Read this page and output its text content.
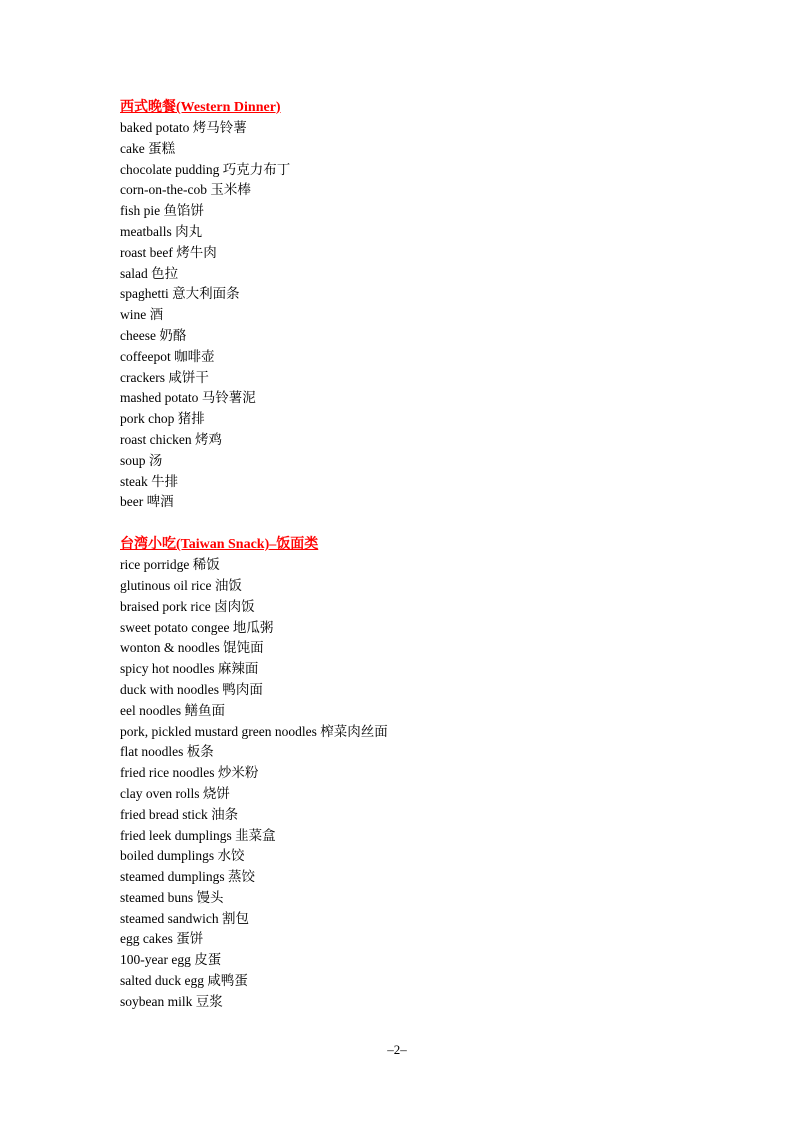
西式晚餐(Western Dinner)
baked potato 烤马铃薯
cake 蛋糕
chocolate pudding 巧克力布丁
corn-on-the-cob 玉米棒
fish pie 鱼馅饼
meatballs 肉丸
roast beef 烤牛肉
salad 色拉
spaghetti 意大利面条
wine 酒
cheese 奶酪
coffeepot 咖啡壶
crackers 咸饼干
mashed potato 马铃薯泥
pork chop 猪排
roast chicken 烤鸡
soup 汤
steak 牛排
beer 啤酒
台湾小吃(Taiwan Snack)–饭面类
rice porridge 稀饭
glutinous oil rice 油饭
braised pork rice 卤肉饭
sweet potato congee 地瓜粥
wonton & noodles 馄饨面
spicy hot noodles 麻辣面
duck with noodles 鸭肉面
eel noodles 鳝鱼面
pork, pickled mustard green noodles 榨菜肉丝面
flat noodles 板条
fried rice noodles 炒米粉
clay oven rolls 烧饼
fried bread stick 油条
fried leek dumplings 韭菜盒
boiled dumplings 水饺
steamed dumplings 蒸饺
steamed buns 馒头
steamed sandwich 割包
egg cakes 蛋饼
100-year egg 皮蛋
salted duck egg 咸鸭蛋
soybean milk 豆浆
–2–
